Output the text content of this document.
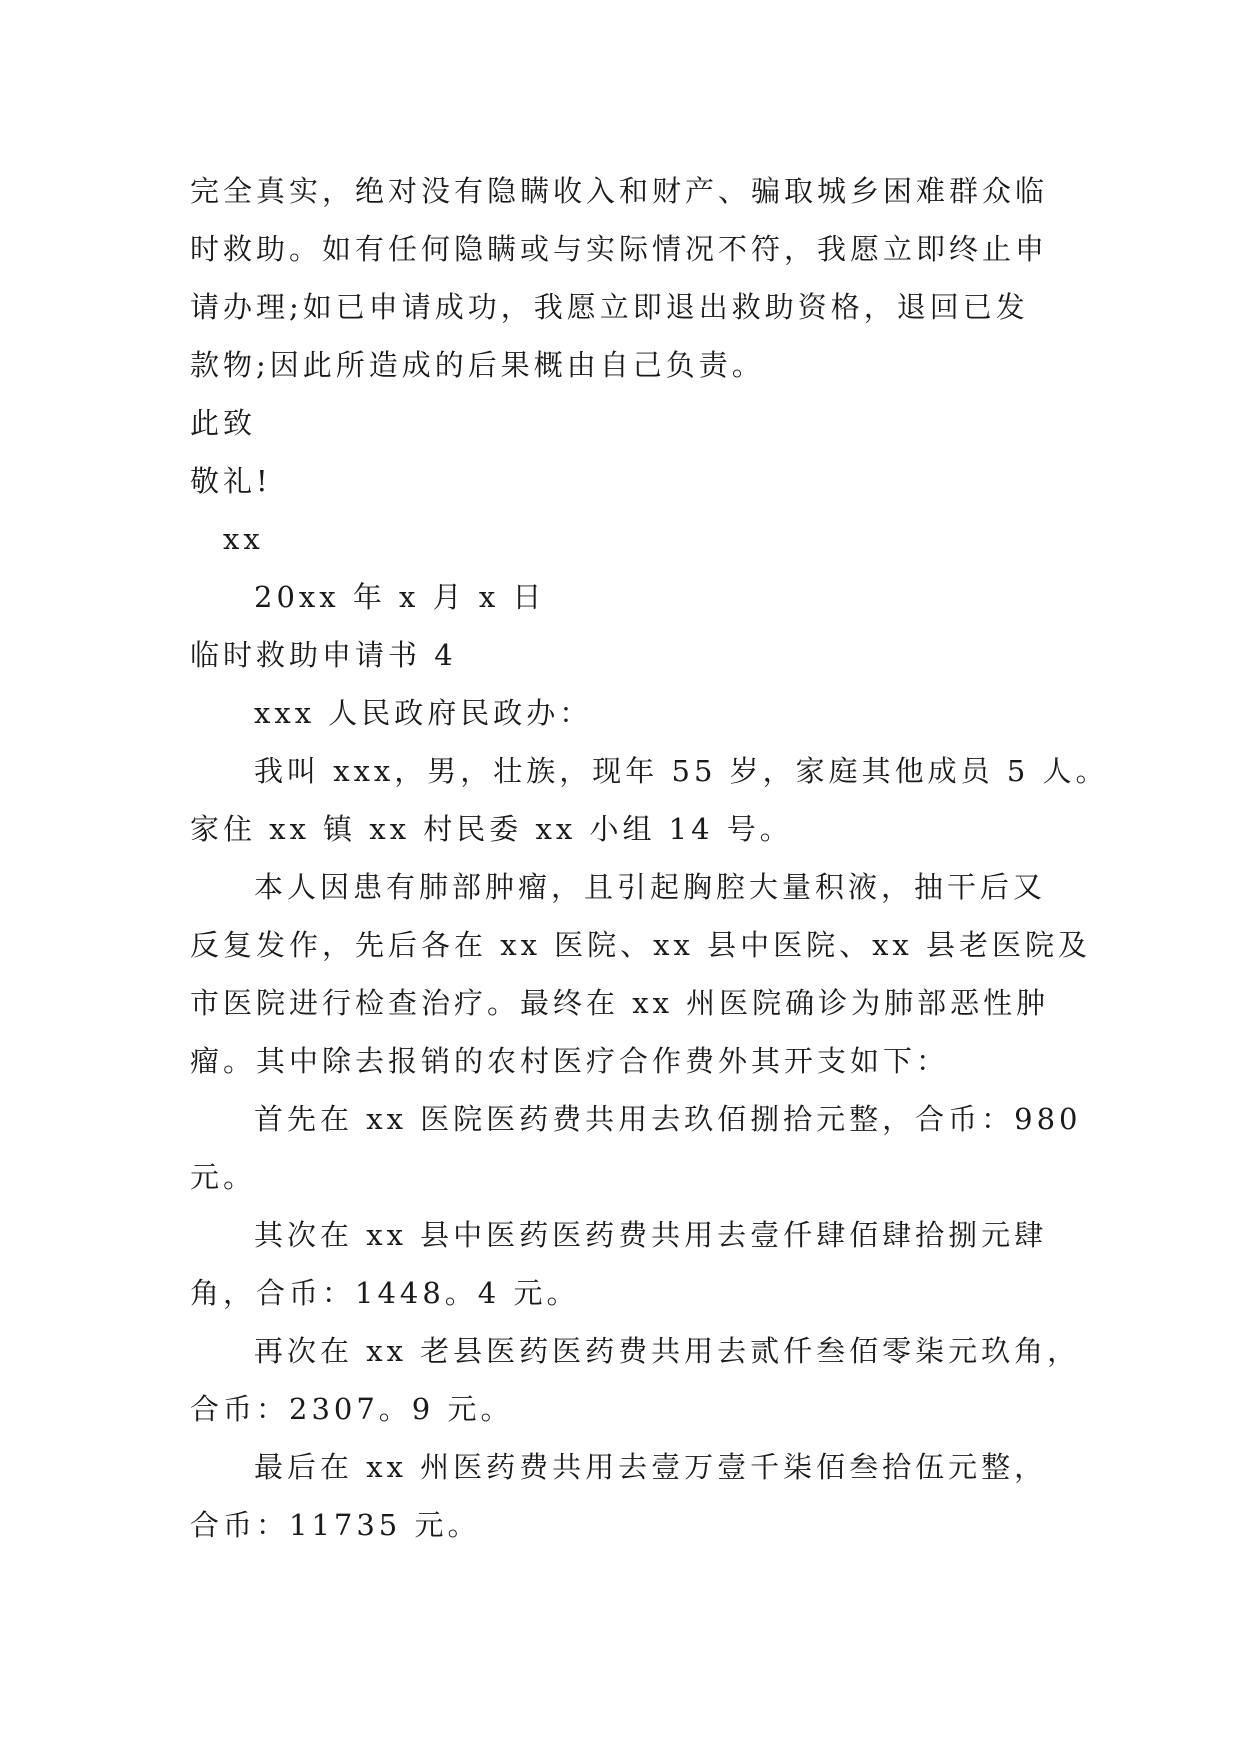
完全真实，绝对没有隐瞒收入和财产、骗取城乡困难群众临

时救助。如有任何隐瞒或与实际情况不符，我愿立即终止申

请办理;如已申请成功，我愿立即退出救助资格，退回已发

款物;因此所造成的后果概由自己负责。

此致

敬礼!

xx

20xx 年 x 月 x 日

临时救助申请书 4

xxx 人民政府民政办：

我叫 xxx，男，壮族，现年 55 岁，家庭其他成员 5 人。

家住 xx 镇 xx 村民委 xx 小组 14 号。

本人因患有肺部肿瘤，且引起胸腔大量积液，抽干后又

反复发作，先后各在 xx 医院、xx 县中医院、xx 县老医院及

市医院进行检查治疗。最终在 xx 州医院确诊为肺部恶性肿

瘤。其中除去报销的农村医疗合作费外其开支如下：

首先在 xx 医院医药费共用去玖佰捌拾元整，合币：980

元。

其次在 xx 县中医药医药费共用去壹仟肆佰肆拾捌元肆

角，合币：1448。4 元。

再次在 xx 老县医药医药费共用去贰仟叁佰零柒元玖角，

合币：2307。9 元。

最后在 xx 州医药费共用去壹万壹千柒佰叁拾伍元整，

合币：11735 元。
